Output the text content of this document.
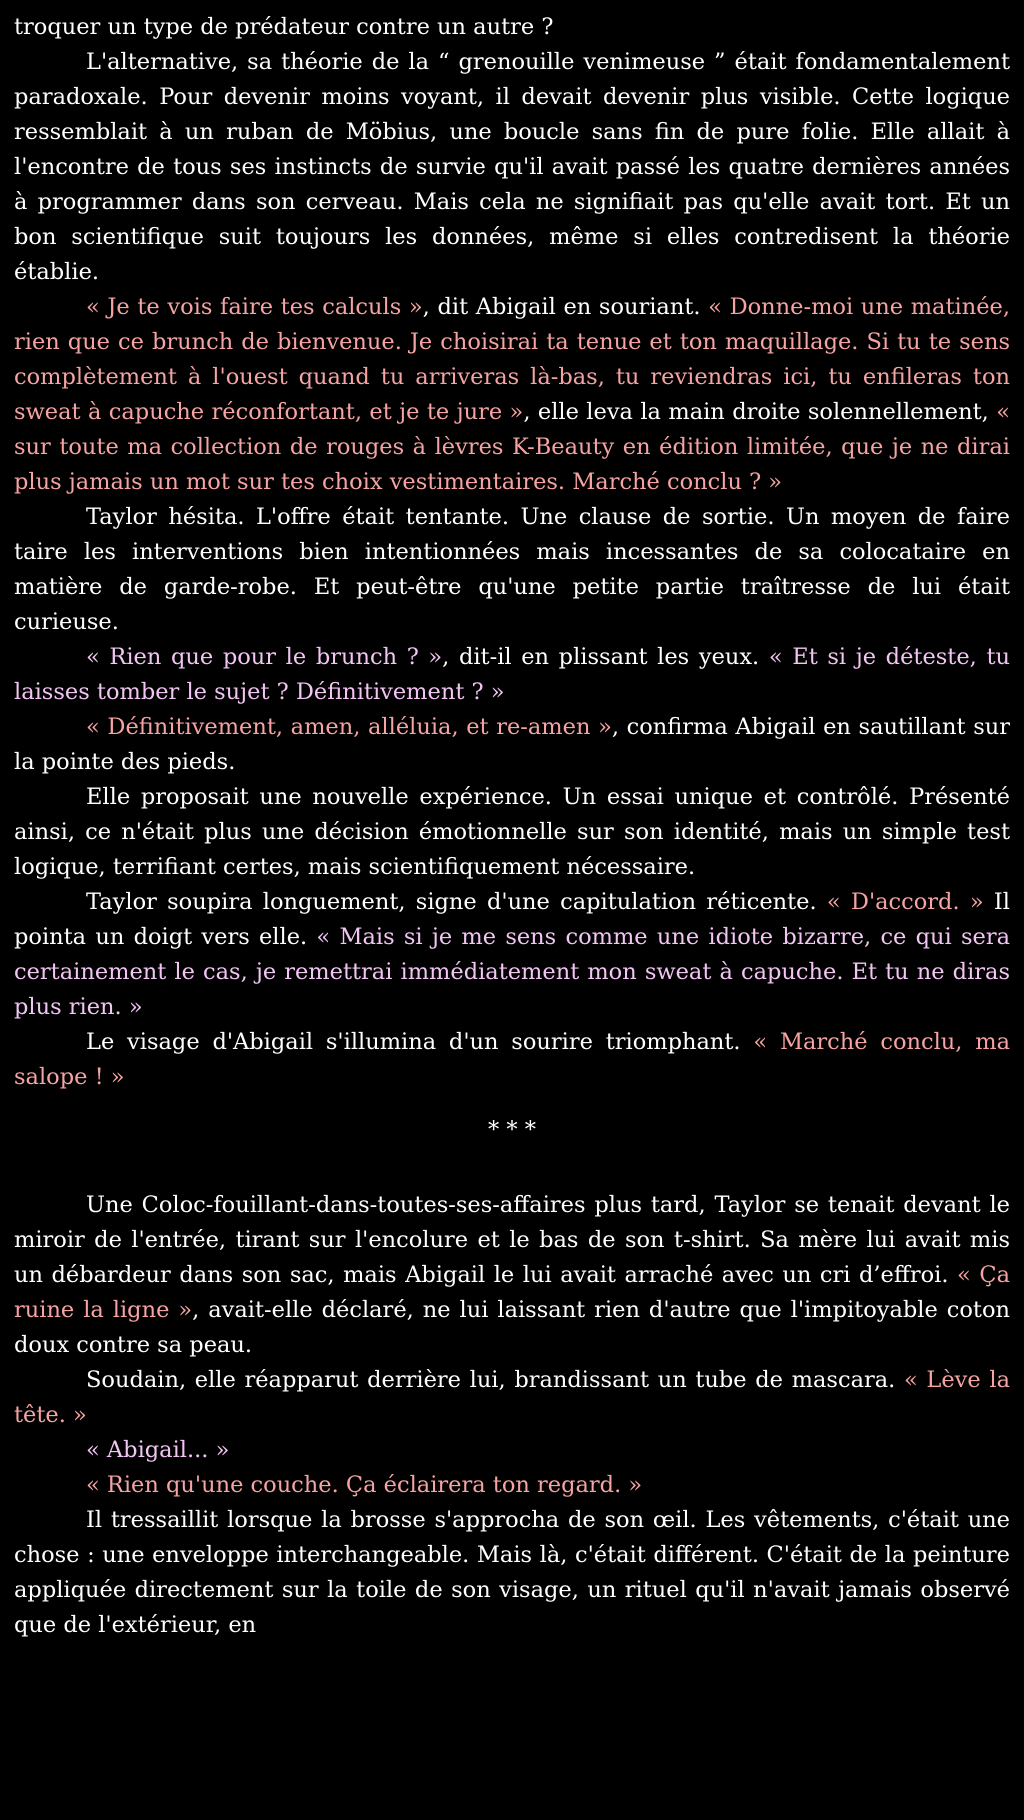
troquer un type de prédateur contre un autre ?

L'alternative, sa théorie de la “ grenouille venimeuse ” était fondamentalement paradoxale. Pour devenir moins voyant, il devait devenir plus visible. Cette logique ressemblait à un ruban de Möbius, une boucle sans fin de pure folie. Elle allait à l'encontre de tous ses instincts de survie qu'il avait passé les quatre dernières années à programmer dans son cerveau. Mais cela ne signifiait pas qu'elle avait tort. Et un bon scientifique suit toujours les données, même si elles contredisent la théorie établie.

« Je te vois faire tes calculs », dit Abigail en souriant. « Donne-moi une matinée, rien que ce brunch de bienvenue. Je choisirai ta tenue et ton maquillage. Si tu te sens complètement à l'ouest quand tu arriveras là-bas, tu reviendras ici, tu enfileras ton sweat à capuche réconfortant, et je te jure », elle leva la main droite solennellement, « sur toute ma collection de rouges à lèvres K-Beauty en édition limitée, que je ne dirai plus jamais un mot sur tes choix vestimentaires. Marché conclu ? »

Taylor hésita. L'offre était tentante. Une clause de sortie. Un moyen de faire taire les interventions bien intentionnées mais incessantes de sa colocataire en matière de garde-robe. Et peut-être qu'une petite partie traîtresse de lui était curieuse.

« Rien que pour le brunch ? », dit-il en plissant les yeux. « Et si je déteste, tu laisses tomber le sujet ? Définitivement ? »

« Définitivement, amen, alléluia, et re-amen », confirma Abigail en sautillant sur la pointe des pieds.

Elle proposait une nouvelle expérience. Un essai unique et contrôlé. Présenté ainsi, ce n'était plus une décision émotionnelle sur son identité, mais un simple test logique, terrifiant certes, mais scientifiquement nécessaire.

Taylor soupira longuement, signe d'une capitulation réticente. « D'accord. » Il pointa un doigt vers elle. « Mais si je me sens comme une idiote bizarre, ce qui sera certainement le cas, je remettrai immédiatement mon sweat à capuche. Et tu ne diras plus rien. »

Le visage d'Abigail s'illumina d'un sourire triomphant. « Marché conclu, ma salope ! »

* * *

Une Coloc-fouillant-dans-toutes-ses-affaires plus tard, Taylor se tenait devant le miroir de l'entrée, tirant sur l'encolure et le bas de son t-shirt. Sa mère lui avait mis un débardeur dans son sac, mais Abigail le lui avait arraché avec un cri d’effroi. « Ça ruine la ligne », avait-elle déclaré, ne lui laissant rien d'autre que l'impitoyable coton doux contre sa peau.

Soudain, elle réapparut derrière lui, brandissant un tube de mascara. « Lève la tête. »

« Abigail... »

« Rien qu'une couche. Ça éclairera ton regard. »

Il tressaillit lorsque la brosse s'approcha de son œil. Les vêtements, c'était une chose : une enveloppe interchangeable. Mais là, c'était différent. C'était de la peinture appliquée directement sur la toile de son visage, un rituel qu'il n'avait jamais observé que de l'extérieur, en
